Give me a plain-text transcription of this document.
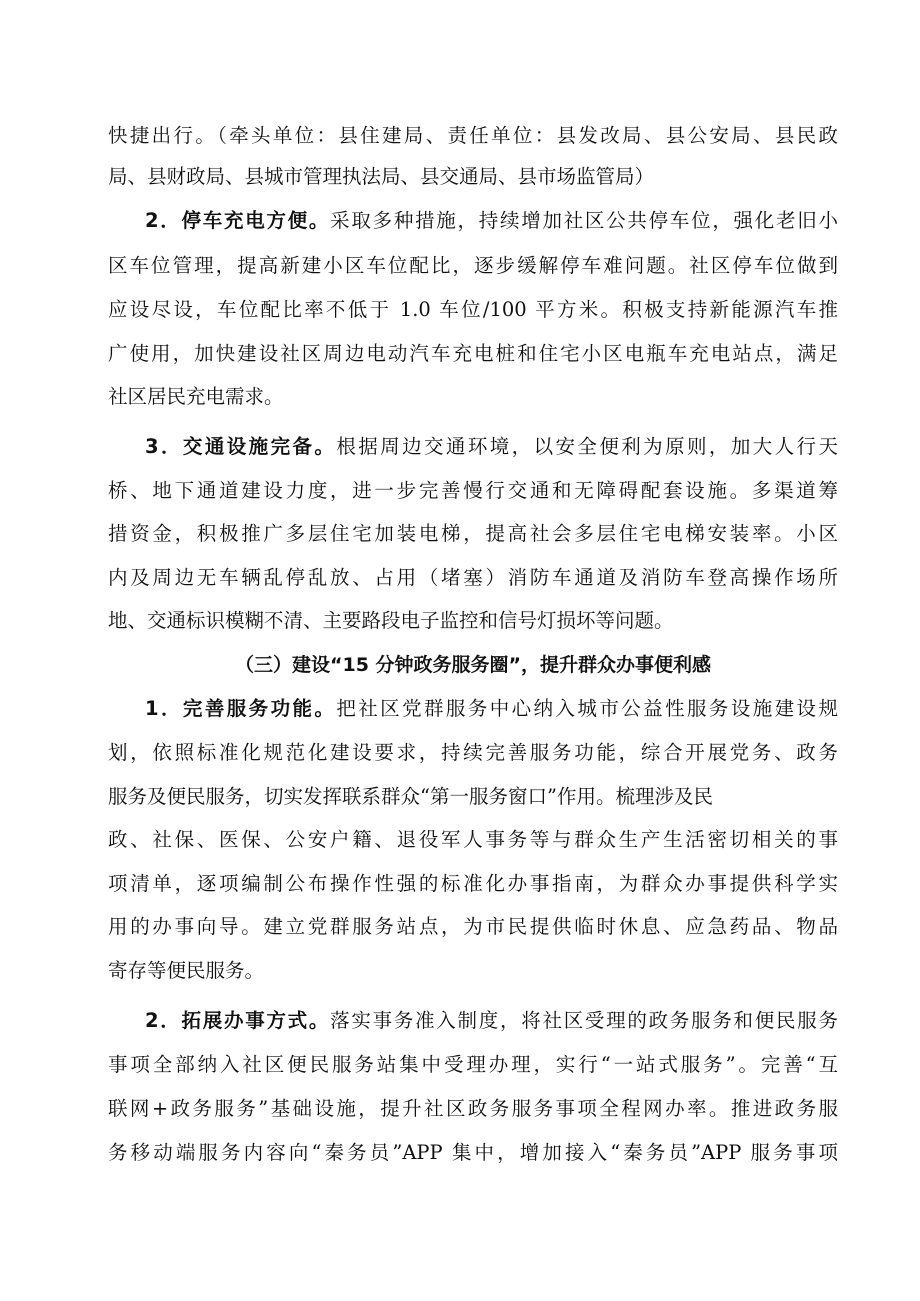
快捷出行。（牵头单位：县住建局、责任单位：县发改局、县公安局、县民政
局、县财政局、县城市管理执法局、县交通局、县市场监管局）
2．停车充电方便。采取多种措施，持续增加社区公共停车位，强化老旧小
区车位管理，提高新建小区车位配比，逐步缓解停车难问题。社区停车位做到
应设尽设，车位配比率不低于 1.0 车位/100 平方米。积极支持新能源汽车推
广使用，加快建设社区周边电动汽车充电桩和住宅小区电瓶车充电站点，满足
社区居民充电需求。
3．交通设施完备。根据周边交通环境，以安全便利为原则，加大人行天
桥、地下通道建设力度，进一步完善慢行交通和无障碍配套设施。多渠道筹
措资金，积极推广多层住宅加装电梯，提高社会多层住宅电梯安装率。小区
内及周边无车辆乱停乱放、占用（堵塞）消防车通道及消防车登高操作场所
地、交通标识模糊不清、主要路段电子监控和信号灯损坏等问题。
（三）建设“15 分钟政务服务圈”，提升群众办事便利感
1．完善服务功能。把社区党群服务中心纳入城市公益性服务设施建设规
划，依照标准化规范化建设要求，持续完善服务功能，综合开展党务、政务
服务及便民服务，切实发挥联系群众“第一服务窗口”作用。梳理涉及民
政、社保、医保、公安户籍、退役军人事务等与群众生产生活密切相关的事
项清单，逐项编制公布操作性强的标准化办事指南，为群众办事提供科学实
用的办事向导。建立党群服务站点，为市民提供临时休息、应急药品、物品
寄存等便民服务。
2．拓展办事方式。落实事务准入制度，将社区受理的政务服务和便民服务
事项全部纳入社区便民服务站集中受理办理，实行“一站式服务”。完善“互
联网+政务服务”基础设施，提升社区政务服务事项全程网办率。推进政务服
务移动端服务内容向“秦务员”APP 集中，增加接入“秦务员”APP 服务事项
